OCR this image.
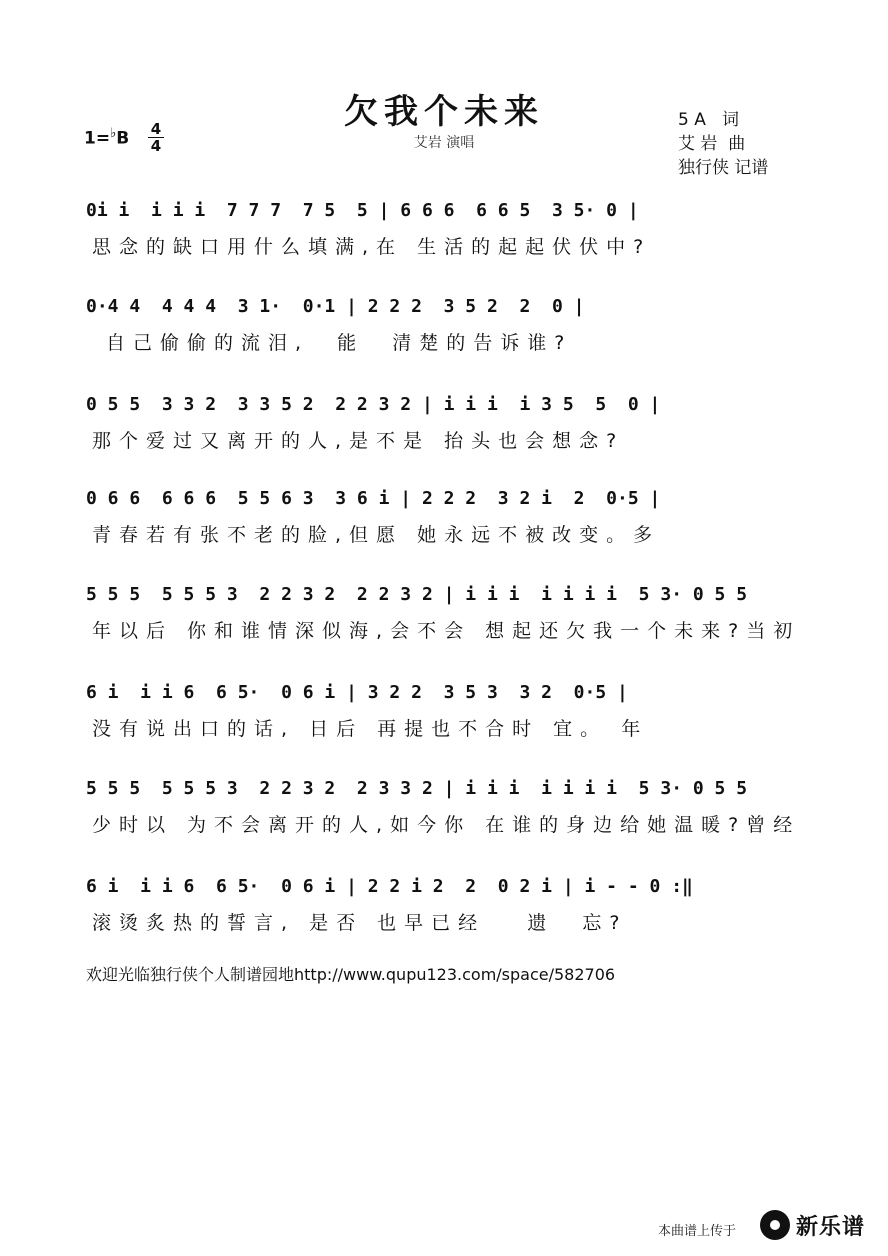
欠我个未来
艾岩 演唱
1=♭B 4
4
5 A   词
艾 岩  曲
独行侠 记谱
0i i  i i i  7 7 7  7 5  5 | 6 6 6  6 6 5  3 5· 0 |
思念的缺口用什么填满,在 生活的起起伏伏中?
0·4 4  4 4 4  3 1·  0·1 | 2 2 2  3 5 2  2  0 |
自己偷偷的流泪,  能  清楚的告诉谁?
0 5 5  3 3 2  3 3 5 2  2 2 3 2 | i i i  i 3 5  5  0 |
那个爱过又离开的人,是不是 抬头也会想念?
0 6 6  6 6 6  5 5 6 3  3 6 i | 2 2 2  3 2 i  2  0·5 |
青春若有张不老的脸,但愿 她永远不被改变。多
5 5 5  5 5 5 3  2 2 3 2  2 2 3 2 | i i i  i i i i  5 3· 0 5 5
年以后 你和谁情深似海,会不会 想起还欠我一个未来?当初
6 i  i i 6  6 5·  0 6 i | 3 2 2  3 5 3  3 2  0·5 |
没有说出口的话, 日后 再提也不合时 宜。 年
5 5 5  5 5 5 3  2 2 3 2  2 3 3 2 | i i i  i i i i  5 3· 0 5 5
少时以 为不会离开的人,如今你 在谁的身边给她温暖?曾经
6 i  i i 6  6 5·  0 6 i | 2 2 i 2  2  0 2 i | i - - 0 :‖
滚烫炙热的誓言, 是否 也早已经   遗  忘?
欢迎光临独行侠个人制谱园地http://www.qupu123.com/space/582706
本曲谱上传于	新乐谱
